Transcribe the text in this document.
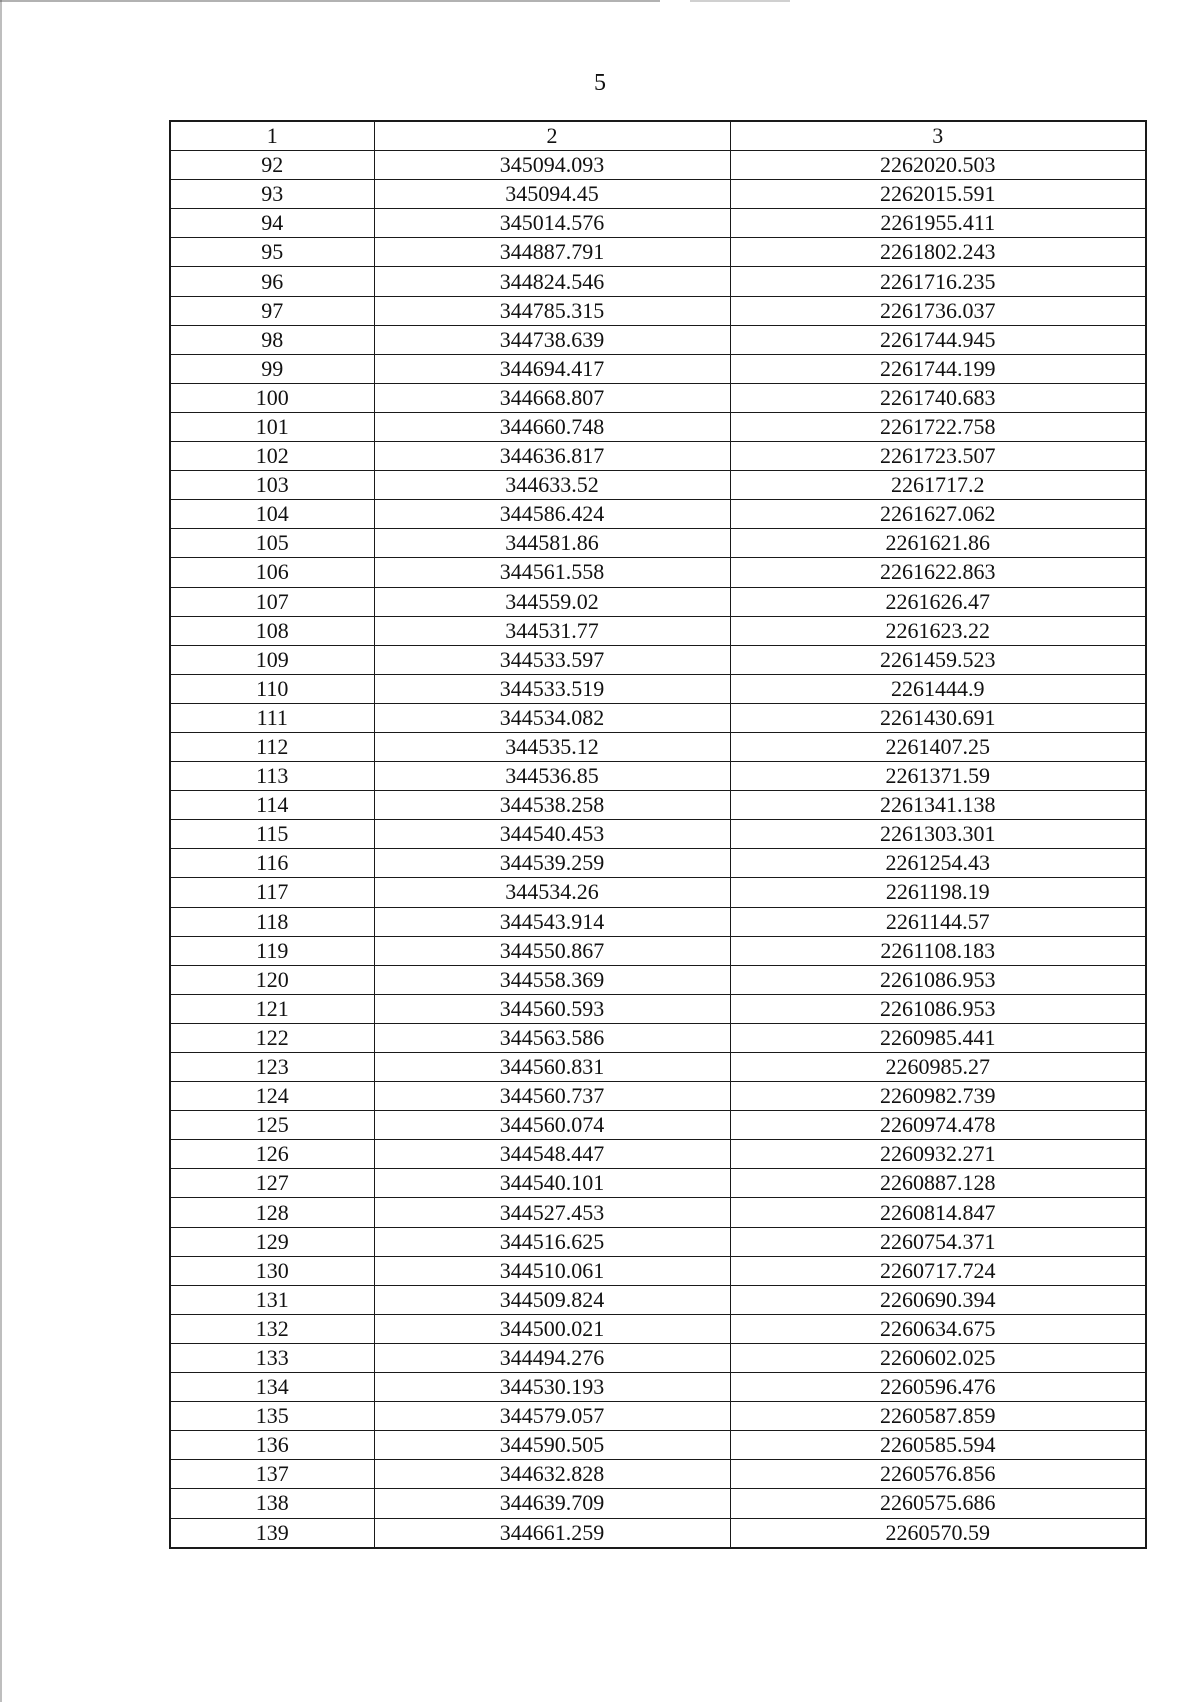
5
1	2	3
92	345094.093	2262020.503
93	345094.45	2262015.591
94	345014.576	2261955.411
95	344887.791	2261802.243
96	344824.546	2261716.235
97	344785.315	2261736.037
98	344738.639	2261744.945
99	344694.417	2261744.199
100	344668.807	2261740.683
101	344660.748	2261722.758
102	344636.817	2261723.507
103	344633.52	2261717.2
104	344586.424	2261627.062
105	344581.86	2261621.86
106	344561.558	2261622.863
107	344559.02	2261626.47
108	344531.77	2261623.22
109	344533.597	2261459.523
110	344533.519	2261444.9
111	344534.082	2261430.691
112	344535.12	2261407.25
113	344536.85	2261371.59
114	344538.258	2261341.138
115	344540.453	2261303.301
116	344539.259	2261254.43
117	344534.26	2261198.19
118	344543.914	2261144.57
119	344550.867	2261108.183
120	344558.369	2261086.953
121	344560.593	2261086.953
122	344563.586	2260985.441
123	344560.831	2260985.27
124	344560.737	2260982.739
125	344560.074	2260974.478
126	344548.447	2260932.271
127	344540.101	2260887.128
128	344527.453	2260814.847
129	344516.625	2260754.371
130	344510.061	2260717.724
131	344509.824	2260690.394
132	344500.021	2260634.675
133	344494.276	2260602.025
134	344530.193	2260596.476
135	344579.057	2260587.859
136	344590.505	2260585.594
137	344632.828	2260576.856
138	344639.709	2260575.686
139	344661.259	2260570.59
